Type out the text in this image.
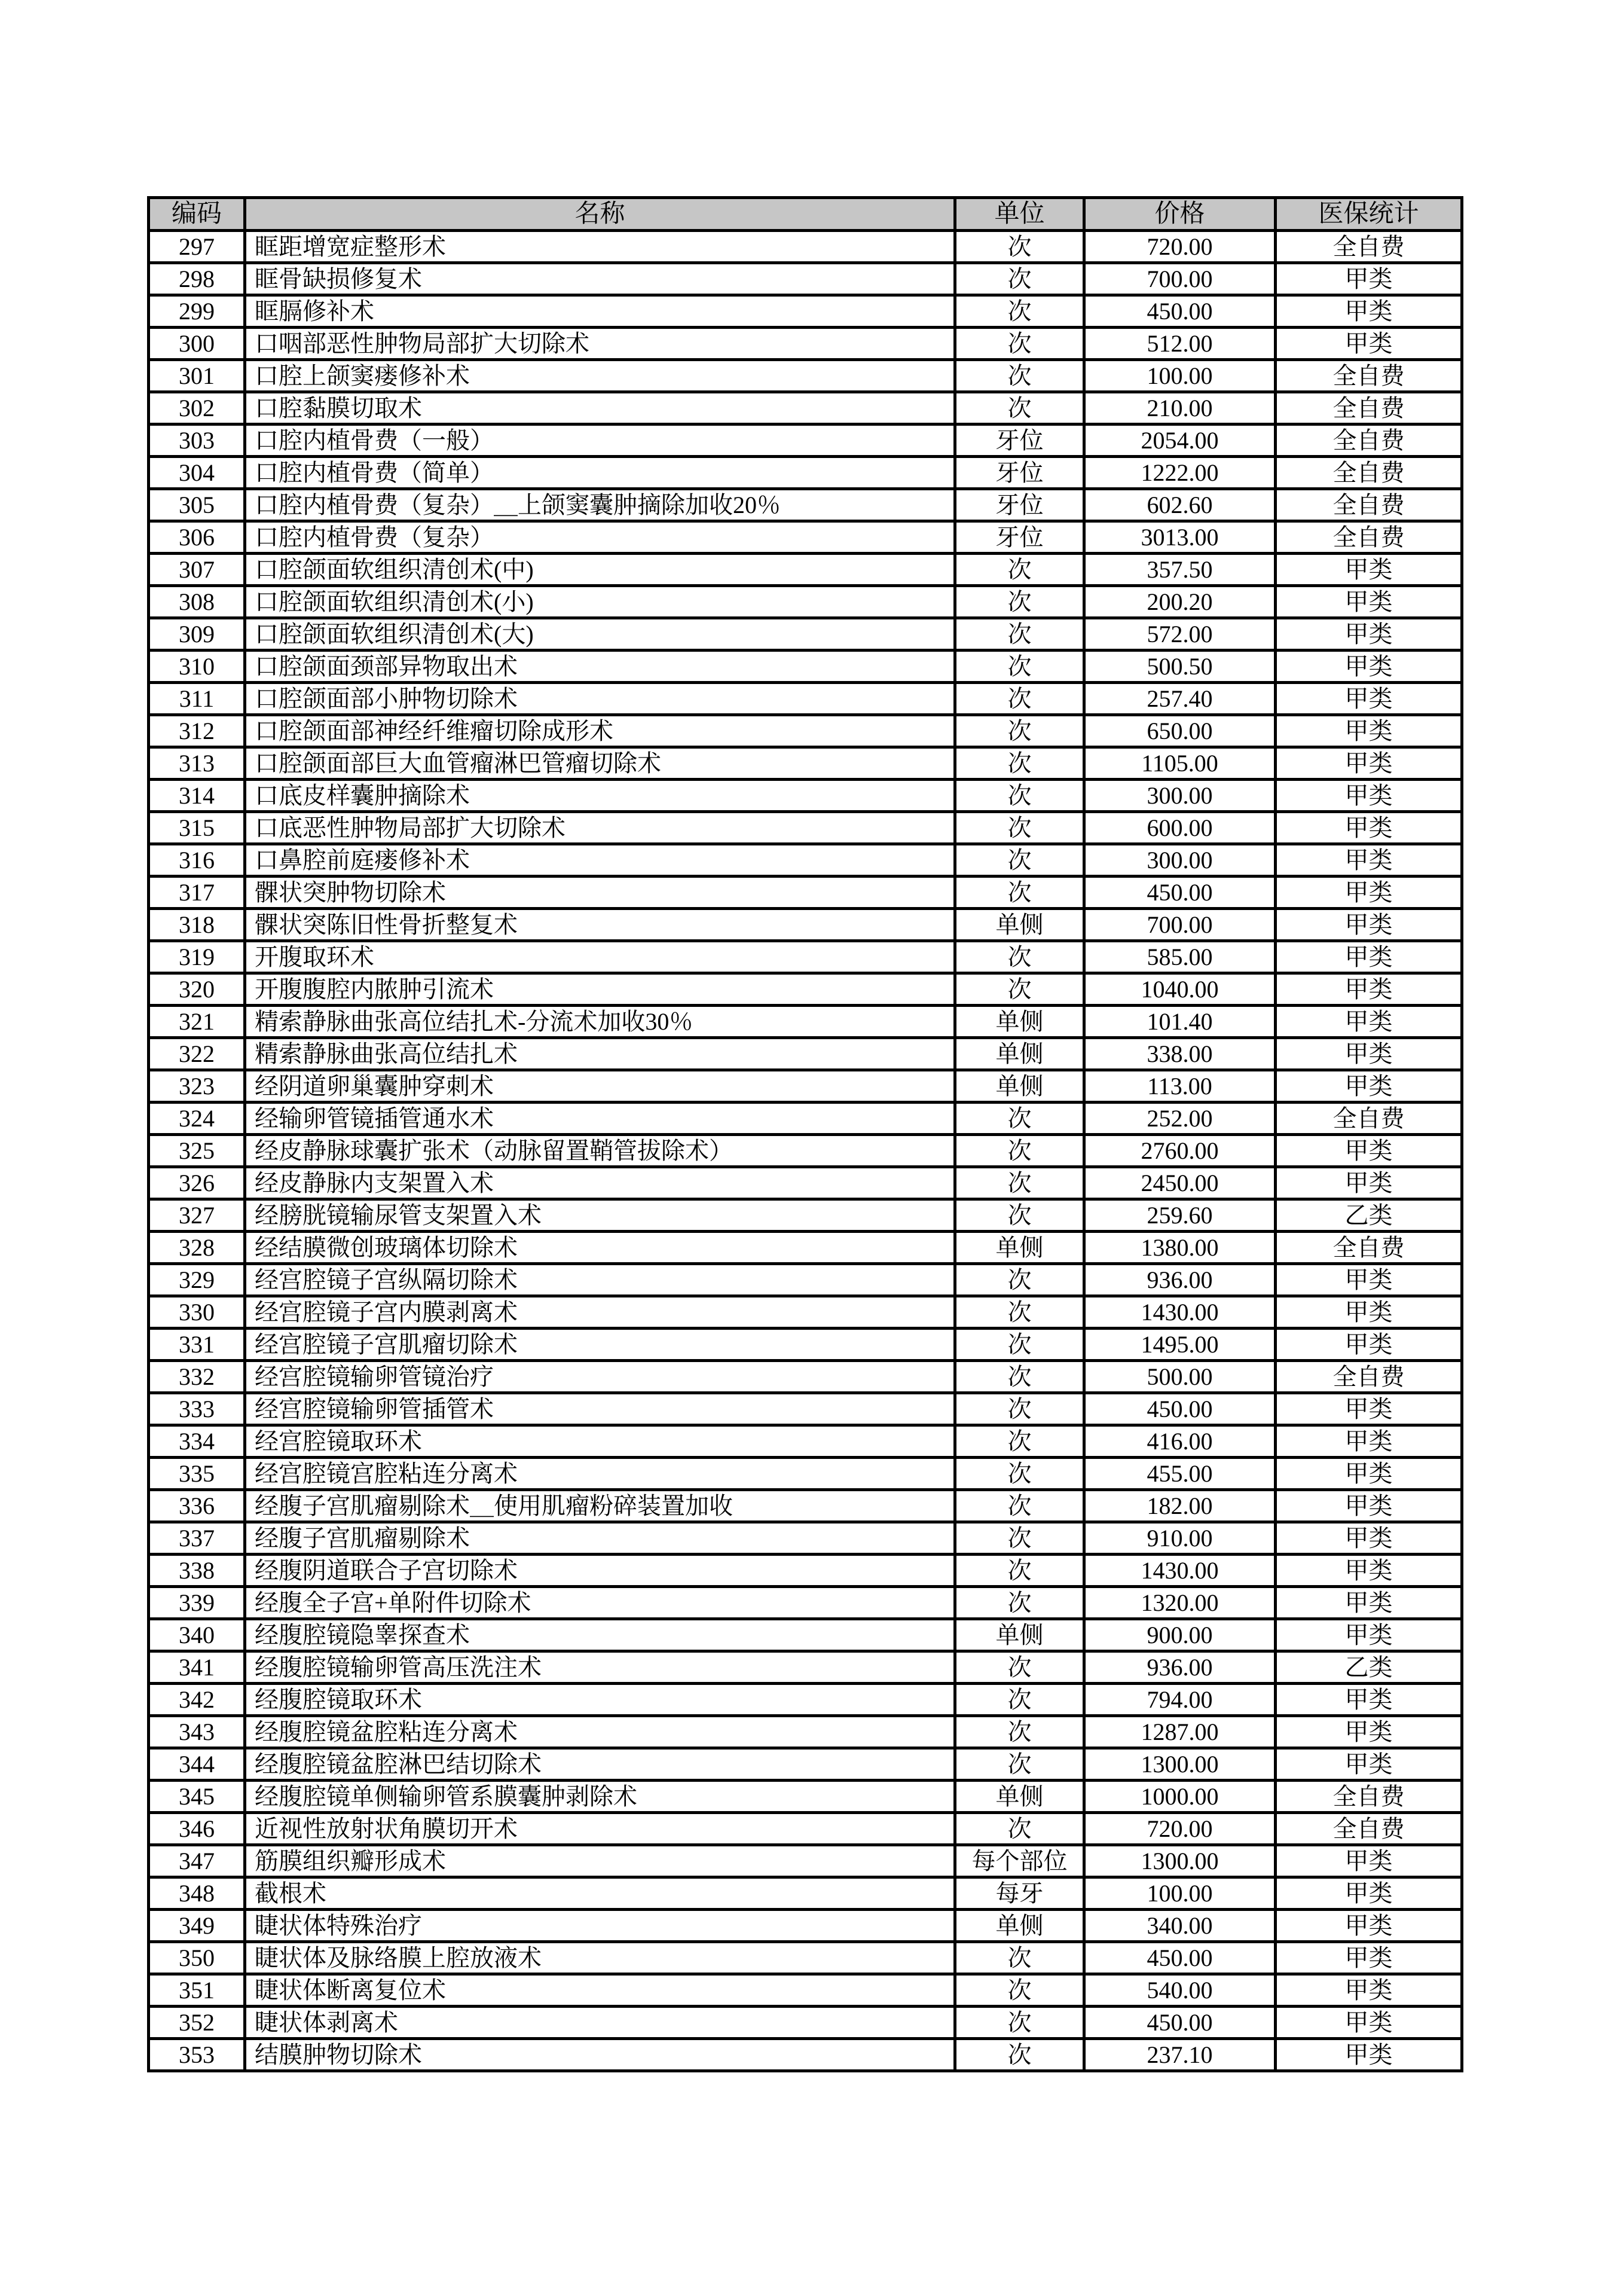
编码	名称	单位	价格	医保统计
297	眶距增宽症整形术	次	720.00	全自费
298	眶骨缺损修复术	次	700.00	甲类
299	眶膈修补术	次	450.00	甲类
300	口咽部恶性肿物局部扩大切除术	次	512.00	甲类
301	口腔上颌窦瘘修补术	次	100.00	全自费
302	口腔黏膜切取术	次	210.00	全自费
303	口腔内植骨费（一般）	牙位	2054.00	全自费
304	口腔内植骨费（简单）	牙位	1222.00	全自费
305	口腔内植骨费（复杂）＿上颌窦囊肿摘除加收20％	牙位	602.60	全自费
306	口腔内植骨费（复杂）	牙位	3013.00	全自费
307	口腔颌面软组织清创术(中)	次	357.50	甲类
308	口腔颌面软组织清创术(小)	次	200.20	甲类
309	口腔颌面软组织清创术(大)	次	572.00	甲类
310	口腔颌面颈部异物取出术	次	500.50	甲类
311	口腔颌面部小肿物切除术	次	257.40	甲类
312	口腔颌面部神经纤维瘤切除成形术	次	650.00	甲类
313	口腔颌面部巨大血管瘤淋巴管瘤切除术	次	1105.00	甲类
314	口底皮样囊肿摘除术	次	300.00	甲类
315	口底恶性肿物局部扩大切除术	次	600.00	甲类
316	口鼻腔前庭瘘修补术	次	300.00	甲类
317	髁状突肿物切除术	次	450.00	甲类
318	髁状突陈旧性骨折整复术	单侧	700.00	甲类
319	开腹取环术	次	585.00	甲类
320	开腹腹腔内脓肿引流术	次	1040.00	甲类
321	精索静脉曲张高位结扎术-分流术加收30％	单侧	101.40	甲类
322	精索静脉曲张高位结扎术	单侧	338.00	甲类
323	经阴道卵巢囊肿穿刺术	单侧	113.00	甲类
324	经输卵管镜插管通水术	次	252.00	全自费
325	经皮静脉球囊扩张术（动脉留置鞘管拔除术）	次	2760.00	甲类
326	经皮静脉内支架置入术	次	2450.00	甲类
327	经膀胱镜输尿管支架置入术	次	259.60	乙类
328	经结膜微创玻璃体切除术	单侧	1380.00	全自费
329	经宫腔镜子宫纵隔切除术	次	936.00	甲类
330	经宫腔镜子宫内膜剥离术	次	1430.00	甲类
331	经宫腔镜子宫肌瘤切除术	次	1495.00	甲类
332	经宫腔镜输卵管镜治疗	次	500.00	全自费
333	经宫腔镜输卵管插管术	次	450.00	甲类
334	经宫腔镜取环术	次	416.00	甲类
335	经宫腔镜宫腔粘连分离术	次	455.00	甲类
336	经腹子宫肌瘤剔除术＿使用肌瘤粉碎装置加收	次	182.00	甲类
337	经腹子宫肌瘤剔除术	次	910.00	甲类
338	经腹阴道联合子宫切除术	次	1430.00	甲类
339	经腹全子宫+单附件切除术	次	1320.00	甲类
340	经腹腔镜隐睾探查术	单侧	900.00	甲类
341	经腹腔镜输卵管高压洗注术	次	936.00	乙类
342	经腹腔镜取环术	次	794.00	甲类
343	经腹腔镜盆腔粘连分离术	次	1287.00	甲类
344	经腹腔镜盆腔淋巴结切除术	次	1300.00	甲类
345	经腹腔镜单侧输卵管系膜囊肿剥除术	单侧	1000.00	全自费
346	近视性放射状角膜切开术	次	720.00	全自费
347	筋膜组织瓣形成术	每个部位	1300.00	甲类
348	截根术	每牙	100.00	甲类
349	睫状体特殊治疗	单侧	340.00	甲类
350	睫状体及脉络膜上腔放液术	次	450.00	甲类
351	睫状体断离复位术	次	540.00	甲类
352	睫状体剥离术	次	450.00	甲类
353	结膜肿物切除术	次	237.10	甲类
